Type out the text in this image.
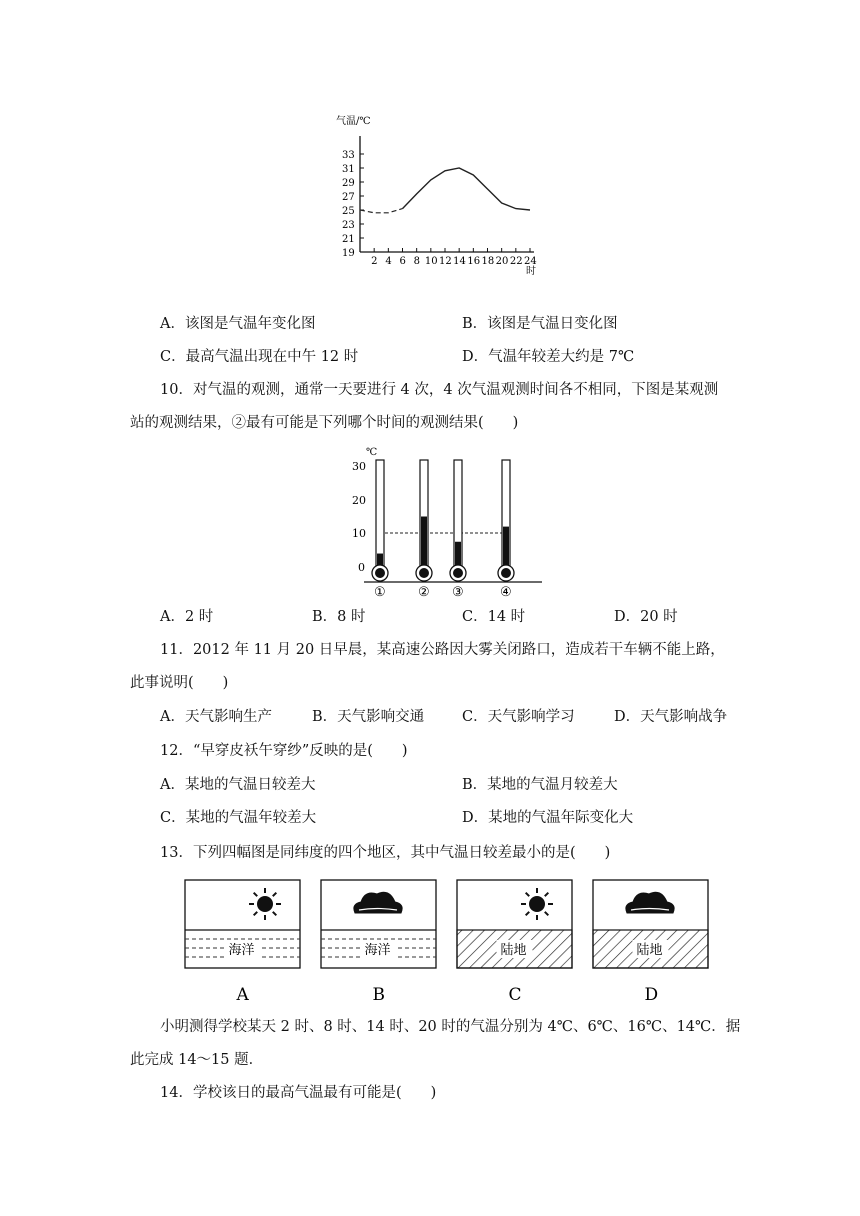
气温/℃
19
21
23
25
27
29
31
33
2 4 6 8 10 12 14 16 18 20 22 24
时
A．该图是气温年变化图	B．该图是气温日变化图
C．最高气温出现在中午 12 时	D．气温年较差大约是 7℃
10．对气温的观测，通常一天要进行 4 次，4 次气温观测时间各不相同，下图是某观测
站的观测结果，②最有可能是下列哪个时间的观测结果(　　)
℃
30
20
10
0
① ② ③	④
A．2 时	B．8 时	C．14 时	D．20 时
11．2012 年 11 月 20 日早晨，某高速公路因大雾关闭路口，造成若干车辆不能上路，
此事说明(　　)
A．天气影响生产	B．天气影响交通	C．天气影响学习	D．天气影响战争
12．“早穿皮袄午穿纱”反映的是(　　)
A．某地的气温日较差大	B．某地的气温月较差大
C．某地的气温年较差大	D．某地的气温年际变化大
13．下列四幅图是同纬度的四个地区，其中气温日较差最小的是(　　)
海洋
A
海洋
B
陆地
C
陆地
D
小明测得学校某天 2 时、8 时、14 时、20 时的气温分别为 4℃、6℃、16℃、14℃．据
此完成 14～15 题．
14．学校该日的最高气温最有可能是(　　)
